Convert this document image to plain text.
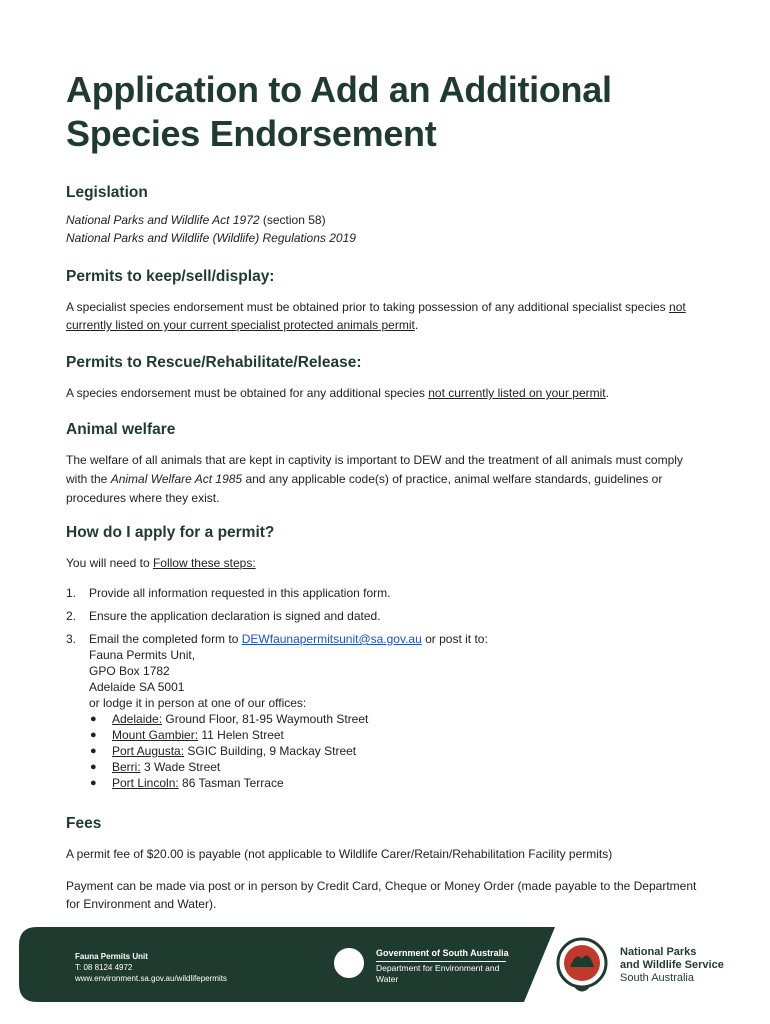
Application to Add an Additional
Species Endorsement
Legislation

National Parks and Wildlife Act 1972 (section 58)

National Parks and Wildlife (Wildlife) Regulations 2019

Permits to keep/sell/display:

A specialist species endorsement must be obtained prior to taking possession of any additional specialist species not currently listed on your current specialist protected animals permit.

Permits to Rescue/Rehabilitate/Release:

A species endorsement must be obtained for any additional species not currently listed on your permit.

Animal welfare

The welfare of all animals that are kept in captivity is important to DEW and the treatment of all animals must comply with the Animal Welfare Act 1985 and any applicable code(s) of practice, animal welfare standards, guidelines or procedures where they exist.

How do I apply for a permit?

You will need to Follow these steps:

1. Provide all information requested in this application form.
2. Ensure the application declaration is signed and dated.
3. Email the completed form to DEWfaunapermitsunit@sa.gov.au or post it to:
Fauna Permits Unit,
GPO Box 1782
Adelaide SA 5001
or lodge it in person at one of our offices:
● Adelaide: Ground Floor, 81-95 Waymouth Street
● Mount Gambier: 11 Helen Street
● Port Augusta: SGIC Building, 9 Mackay Street
● Berri: 3 Wade Street
● Port Lincoln: 86 Tasman Terrace
Fees

A permit fee of $20.00 is payable (not applicable to Wildlife Carer/Retain/Rehabilitation Facility permits)

Payment can be made via post or in person by Credit Card, Cheque or Money Order (made payable to the Department for Environment and Water).

Fauna Permits Unit
T: 08 8124 4972
www.environment.sa.gov.au/wildlifepermits
Government of South Australia
Department for Environment and Water
National Parks
and Wildlife Service
South Australia
